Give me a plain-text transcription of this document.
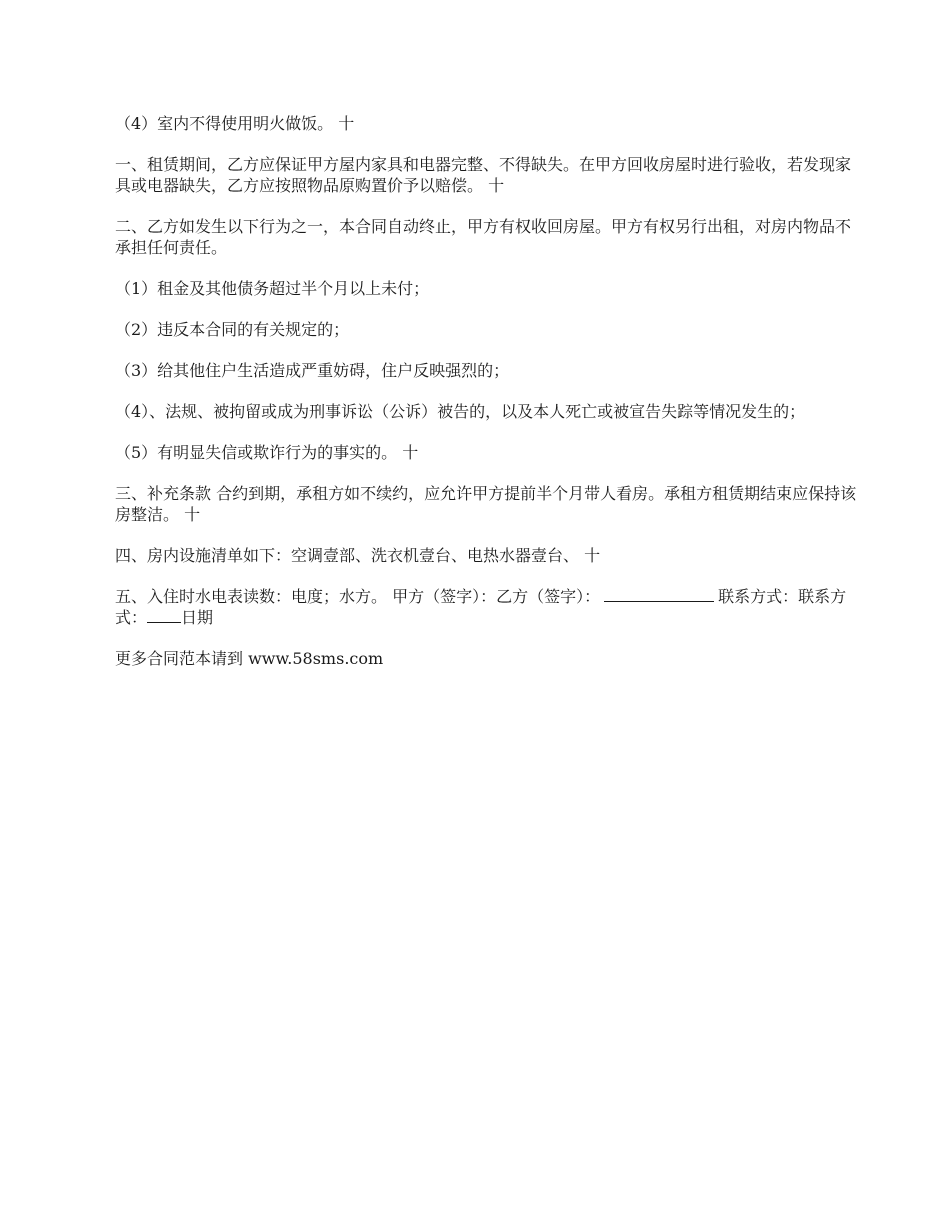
（4）室内不得使用明火做饭。 十

一、租赁期间，乙方应保证甲方屋内家具和电器完整、不得缺失。在甲方回收房屋时进行验收，若发现家具或电器缺失，乙方应按照物品原购置价予以赔偿。 十

二、乙方如发生以下行为之一，本合同自动终止，甲方有权收回房屋。甲方有权另行出租，对房内物品不承担任何责任。

（1）租金及其他债务超过半个月以上未付；

（2）违反本合同的有关规定的；

（3）给其他住户生活造成严重妨碍，住户反映强烈的；

（4）、法规、被拘留或成为刑事诉讼（公诉）被告的，以及本人死亡或被宣告失踪等情况发生的；

（5）有明显失信或欺诈行为的事实的。 十

三、补充条款 合约到期，承租方如不续约，应允许甲方提前半个月带人看房。承租方租赁期结束应保持该房整洁。 十

四、房内设施清单如下：空调壹部、洗衣机壹台、电热水器壹台、 十

五、入住时水电表读数：电度；水方。 甲方（签字）：乙方（签字）：	联系方式：联系方式： 日期

更多合同范本请到 www.58sms.com
